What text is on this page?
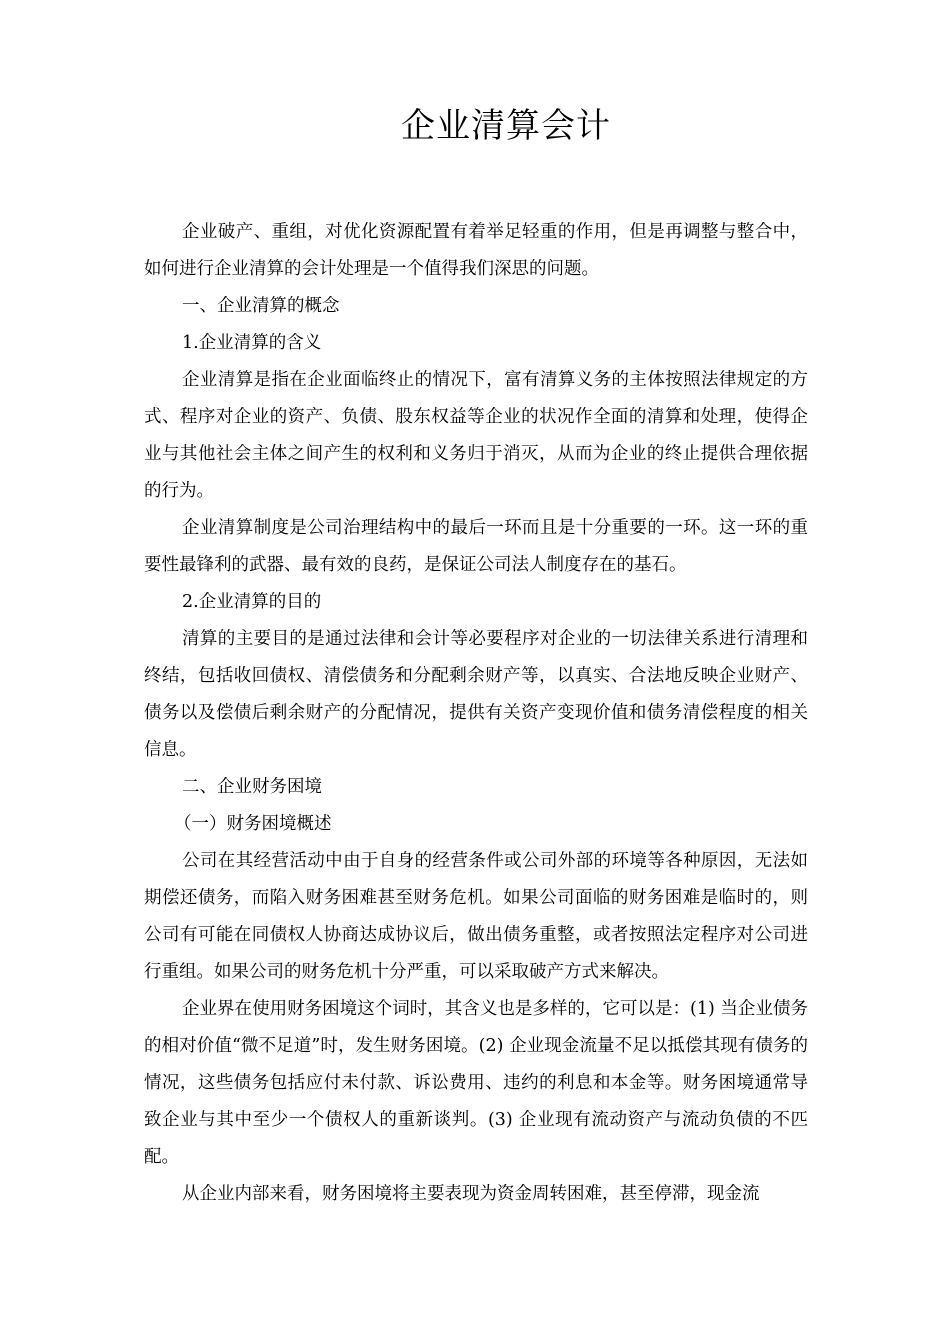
企业清算会计

企业破产、重组，对优化资源配置有着举足轻重的作用，但是再调整与整合中，如何进行企业清算的会计处理是一个值得我们深思的问题。

一、企业清算的概念

1.企业清算的含义

企业清算是指在企业面临终止的情况下，富有清算义务的主体按照法律规定的方式、程序对企业的资产、负债、股东权益等企业的状况作全面的清算和处理，使得企业与其他社会主体之间产生的权利和义务归于消灭，从而为企业的终止提供合理依据的行为。

企业清算制度是公司治理结构中的最后一环而且是十分重要的一环。这一环的重要性最锋利的武器、最有效的良药，是保证公司法人制度存在的基石。

2.企业清算的目的

清算的主要目的是通过法律和会计等必要程序对企业的一切法律关系进行清理和终结，包括收回债权、清偿债务和分配剩余财产等，以真实、合法地反映企业财产、债务以及偿债后剩余财产的分配情况，提供有关资产变现价值和债务清偿程度的相关信息。

二、企业财务困境

（一）财务困境概述

公司在其经营活动中由于自身的经营条件或公司外部的环境等各种原因，无法如期偿还债务，而陷入财务困难甚至财务危机。如果公司面临的财务困难是临时的，则公司有可能在同债权人协商达成协议后，做出债务重整，或者按照法定程序对公司进行重组。如果公司的财务危机十分严重，可以采取破产方式来解决。

企业界在使用财务困境这个词时，其含义也是多样的，它可以是：(1) 当企业债务的相对价值“微不足道”时，发生财务困境。(2) 企业现金流量不足以抵偿其现有债务的情况，这些债务包括应付未付款、诉讼费用、违约的利息和本金等。财务困境通常导致企业与其中至少一个债权人的重新谈判。(3) 企业现有流动资产与流动负债的不匹配。

从企业内部来看，财务困境将主要表现为资金周转困难，甚至停滞，现金流
